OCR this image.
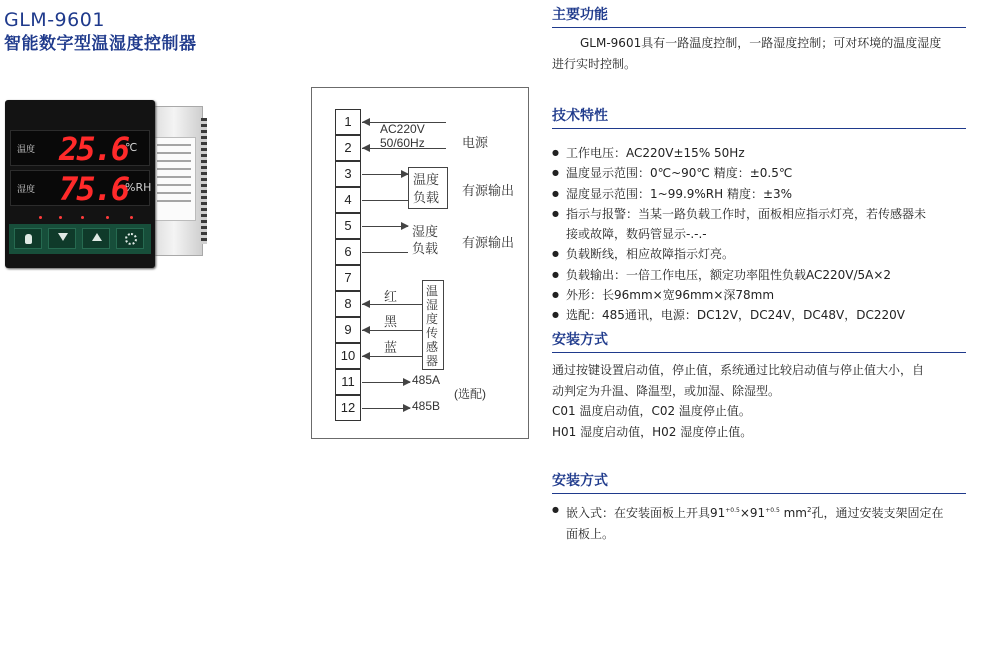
GLM-9601
智能数字型温湿度控制器
温度 25.6
℃
湿度 75.6
%RH
1
2
3
4
5
6
7
8
9
10
11
12
AC220V
50/60Hz	电源
温度
负载 有源输出
湿度
负载 有源输出
温
湿
度
传
感
器
红
黑
蓝
485A
485B
(选配)
主要功能
GLM-9601具有一路温度控制，一路湿度控制；可对环境的温度湿度
进行实时控制。
技术特性
● 工作电压：AC220V±15% 50Hz
● 温度显示范围：0℃~90℃ 精度：±0.5℃
● 湿度显示范围：1~99.9%RH 精度：±3%
● 指示与报警：当某一路负载工作时，面板相应指示灯亮，若传感器未
接或故障，数码管显示-.-.-
● 负载断线，相应故障指示灯亮。
● 负载输出：一倍工作电压，额定功率阻性负载AC220V/5A×2
● 外形：长96mm×宽96mm×深78mm
● 选配：485通讯，电源：DC12V，DC24V，DC48V，DC220V
安装方式
通过按键设置启动值，停止值，系统通过比较启动值与停止值大小，自
动判定为升温、降温型，或加湿、除湿型。
C01 温度启动值，C02 温度停止值。
H01 湿度启动值，H02 湿度停止值。
安装方式
● 嵌入式：在安装面板上开具$91^{+0.5}\times 91^{+0.5}$ $mm^2$孔，通过安装支架固定在
面板上。
